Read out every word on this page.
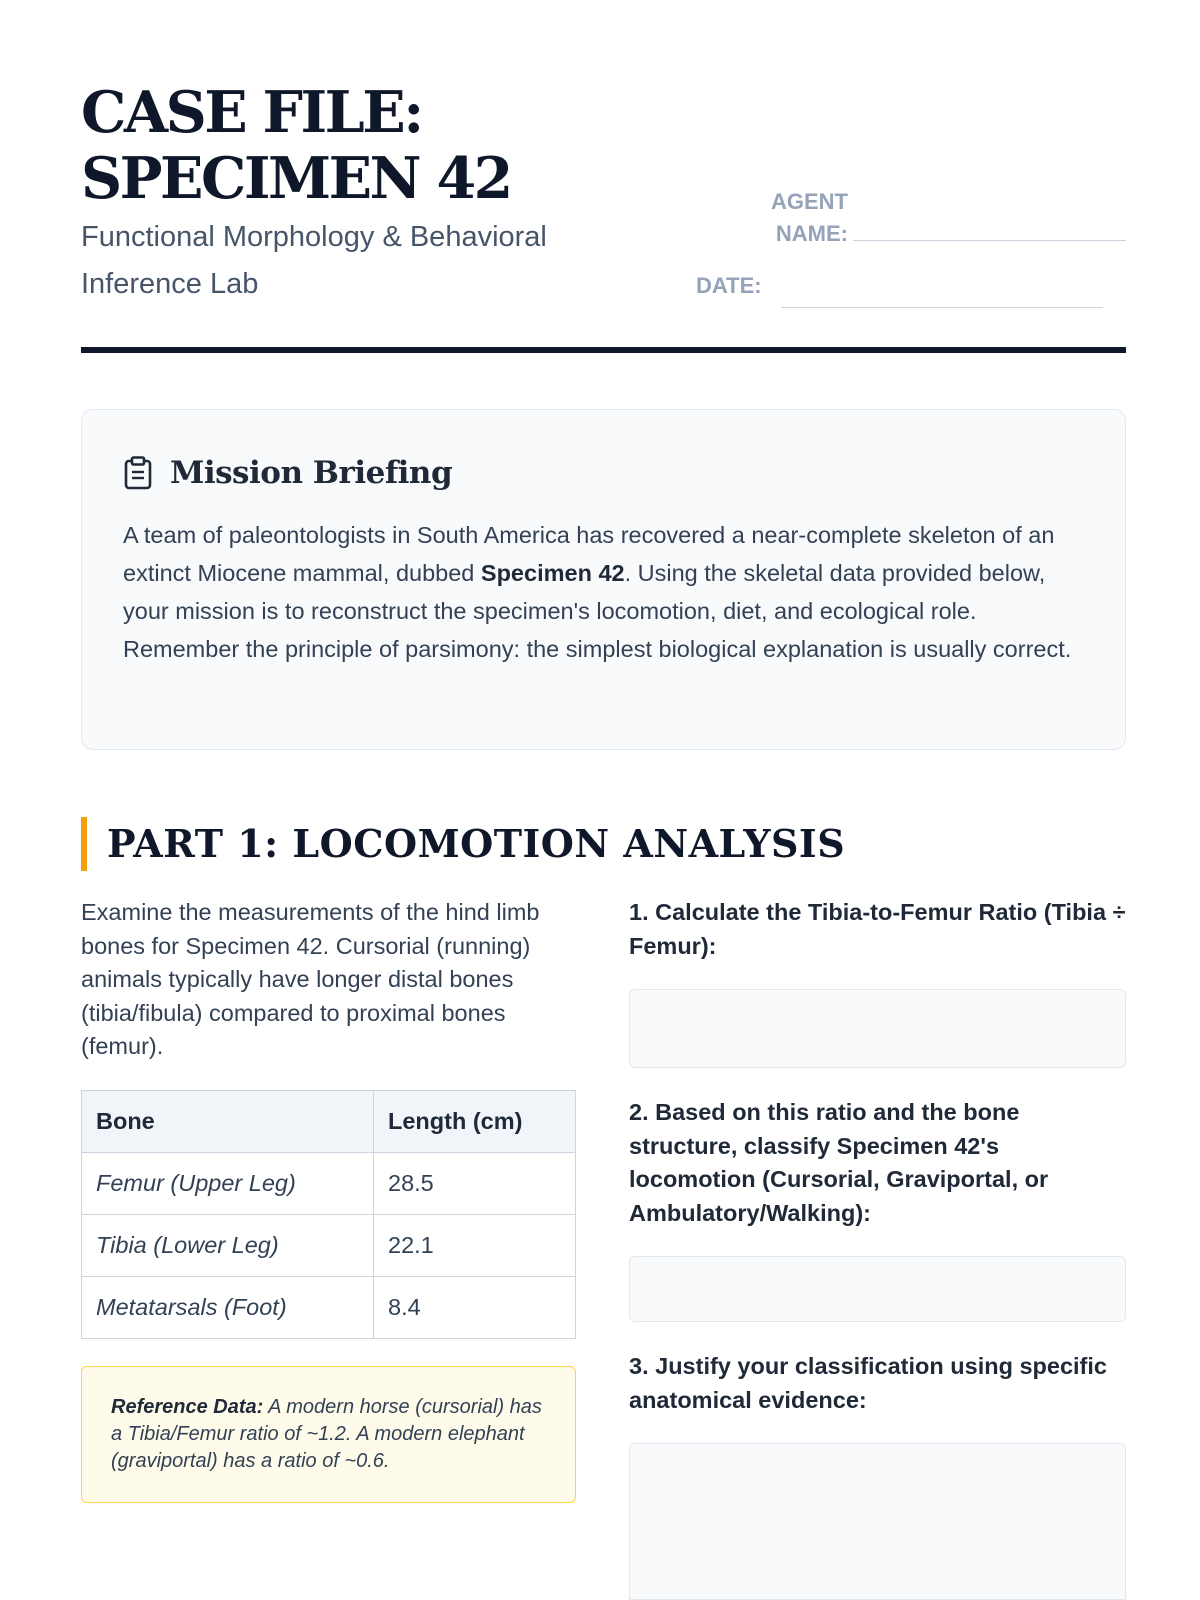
CASE FILE: SPECIMEN 42
Functional Morphology & Behavioral Inference Lab
AGENT NAME:
DATE:
Mission Briefing

A team of paleontologists in South America has recovered a near-complete skeleton of an extinct Miocene mammal, dubbed Specimen 42. Using the skeletal data provided below, your mission is to reconstruct the specimen's locomotion, diet, and ecological role. Remember the principle of parsimony: the simplest biological explanation is usually correct.

PART 1: LOCOMOTION ANALYSIS

Examine the measurements of the hind limb bones for Specimen 42. Cursorial (running) animals typically have longer distal bones (tibia/fibula) compared to proximal bones (femur).

Bone	Length (cm)
Femur (Upper Leg)	28.5
Tibia (Lower Leg)	22.1
Metatarsals (Foot)	8.4
Reference Data: A modern horse (cursorial) has a Tibia/Femur ratio of ~1.2. A modern elephant (graviportal) has a ratio of ~0.6.
1. Calculate the Tibia-to-Femur Ratio (Tibia ÷ Femur):
2. Based on this ratio and the bone structure, classify Specimen 42's locomotion (Cursorial, Graviportal, or Ambulatory/Walking):
3. Justify your classification using specific anatomical evidence:
